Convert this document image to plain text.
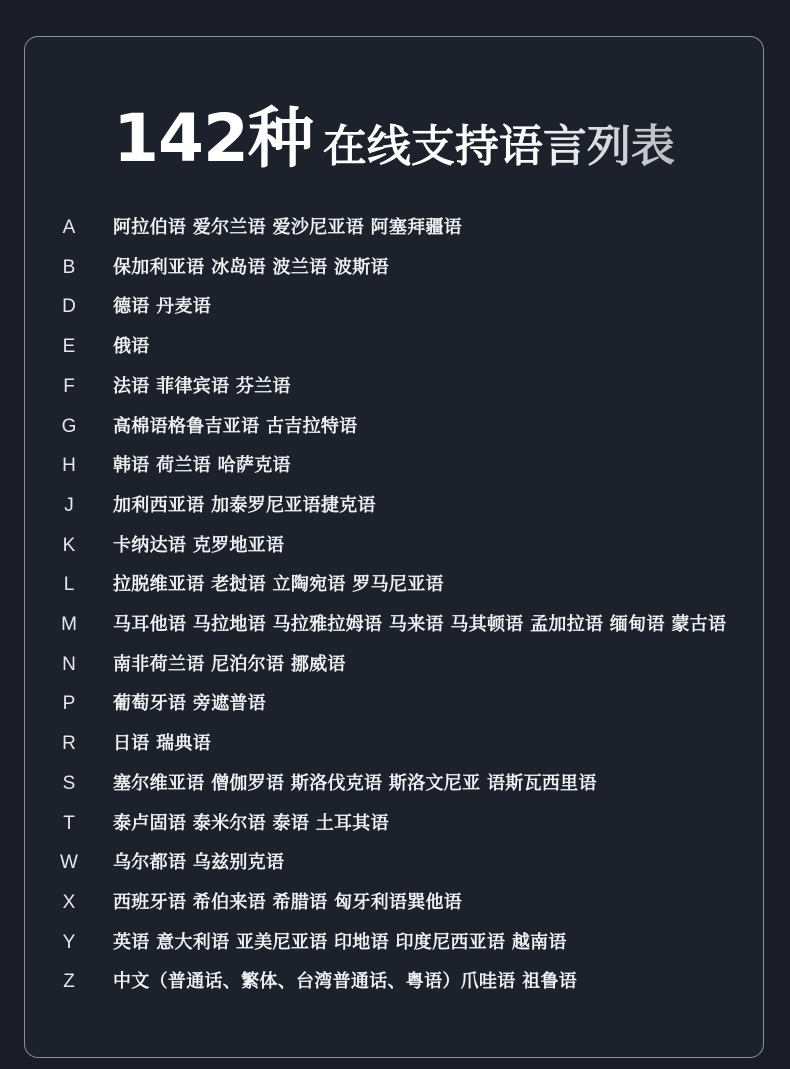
142种 在线支持语言列表
A	阿拉伯语 爱尔兰语 爱沙尼亚语 阿塞拜疆语
B	保加利亚语 冰岛语 波兰语 波斯语
D	德语 丹麦语
E	俄语
F	法语 菲律宾语 芬兰语
G	高棉语格鲁吉亚语 古吉拉特语
H	韩语 荷兰语 哈萨克语
J	加利西亚语 加泰罗尼亚语捷克语
K	卡纳达语 克罗地亚语
L	拉脱维亚语 老挝语 立陶宛语 罗马尼亚语
M	马耳他语 马拉地语 马拉雅拉姆语 马来语 马其顿语 孟加拉语 缅甸语 蒙古语
N	南非荷兰语 尼泊尔语 挪威语
P	葡萄牙语 旁遮普语
R	日语 瑞典语
S	塞尔维亚语 僧伽罗语 斯洛伐克语 斯洛文尼亚 语斯瓦西里语
T	泰卢固语 泰米尔语 泰语 土耳其语
W	乌尔都语 乌兹别克语
X	西班牙语 希伯来语 希腊语 匈牙利语巽他语
Y	英语 意大利语 亚美尼亚语 印地语 印度尼西亚语 越南语
Z	中文（普通话、繁体、台湾普通话、粤语）爪哇语 祖鲁语
